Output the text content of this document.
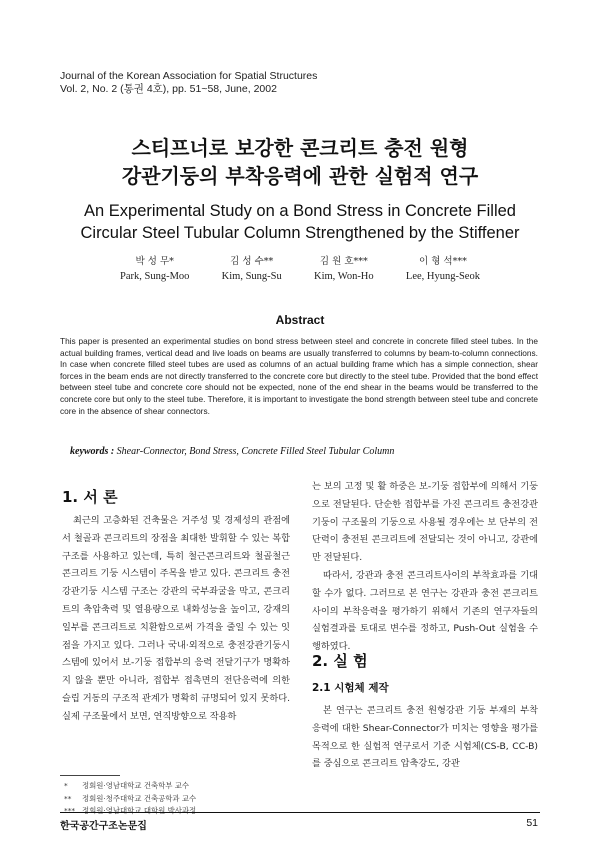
Journal of the Korean Association for Spatial Structures
Vol. 2, No. 2 (통권 4호), pp. 51~58, June, 2002
스티프너로 보강한 콘크리트 충전 원형
강관기둥의 부착응력에 관한 실험적 연구
An Experimental Study on a Bond Stress in Concrete Filled
Circular Steel Tubular Column Strengthened by the Stiffener
박 성 무*
Park, Sung-Moo
김 성 수**
Kim, Sung-Su
김 원 호***
Kim, Won-Ho
이 형 석***
Lee, Hyung-Seok
Abstract
This paper is presented an experimental studies on bond stress between steel and concrete in concrete filled steel tubes. In the actual building frames, vertical dead and live loads on beams are usually transferred to columns by beam-to-column connections. In case when concrete filled steel tubes are used as columns of an actual building frame which has a simple connection, shear forces in the beam ends are not directly transferred to the concrete core but directly to the steel tube. Provided that the bond effect between steel tube and concrete core should not be expected, none of the end shear in the beams would be transferred to the concrete core but only to the steel tube. Therefore, it is important to investigate the bond strength between steel tube and concrete core in the absence of shear connectors.
keywords : Shear-Connector, Bond Stress, Concrete Filled Steel Tubular Column
1. 서 론

최근의 고층화된 건축물은 거주성 및 경제성의 관점에서 철골과 콘크리트의 장점을 최대한 발휘할 수 있는 복합구조를 사용하고 있는데, 특히 철근콘크리트와 철골철근콘크리트 기둥 시스템이 주목을 받고 있다. 콘크리트 충전강관기둥 시스템 구조는 강관의 국부좌굴을 막고, 콘크리트의 축압축력 및 열용량으로 내화성능을 높이고, 강재의 일부를 콘크리트로 치환함으로써 가격을 줄일 수 있는 잇점을 가지고 있다. 그러나 국내·외적으로 충전강관기둥시스템에 있어서 보-기둥 접합부의 응력 전달기구가 명확하지 않을 뿐만 아니라, 접합부 접촉면의 전단응력에 의한 슬립 거동의 구조적 관계가 명확히 규명되어 있지 못하다. 실제 구조물에서 보면, 연직방향으로 작용하

는 보의 고정 및 활 하중은 보-기둥 접합부에 의해서 기둥으로 전달된다. 단순한 접합부를 가진 콘크리트 충전강관기둥이 구조물의 기둥으로 사용될 경우에는 보 단부의 전단력이 충전된 콘크리트에 전달되는 것이 아니고, 강관에만 전달된다.

따라서, 강관과 충전 콘크리트사이의 부착효과를 기대할 수가 없다. 그러므로 본 연구는 강관과 충전 콘크리트 사이의 부착응력을 평가하기 위해서 기존의 연구자들의 실험결과를 토대로 변수를 정하고, Push-Out 실험을 수행하였다.

2. 실 험
2.1 시험체 제작

본 연구는 콘크리트 충전 원형강관 기둥 부재의 부착응력에 대한 Shear-Connector가 미치는 영향을 평가를 목적으로 한 실험적 연구로서 기준 시험체(CS-B, CC-B)를 중심으로 콘크리트 압축강도, 강관

*	정회원·영남대학교 건축학부 교수
**	정회원·청주대학교 건축공학과 교수
*** 정회원·영남대학교 대학원 박사과정
한국공간구조논문집	51
